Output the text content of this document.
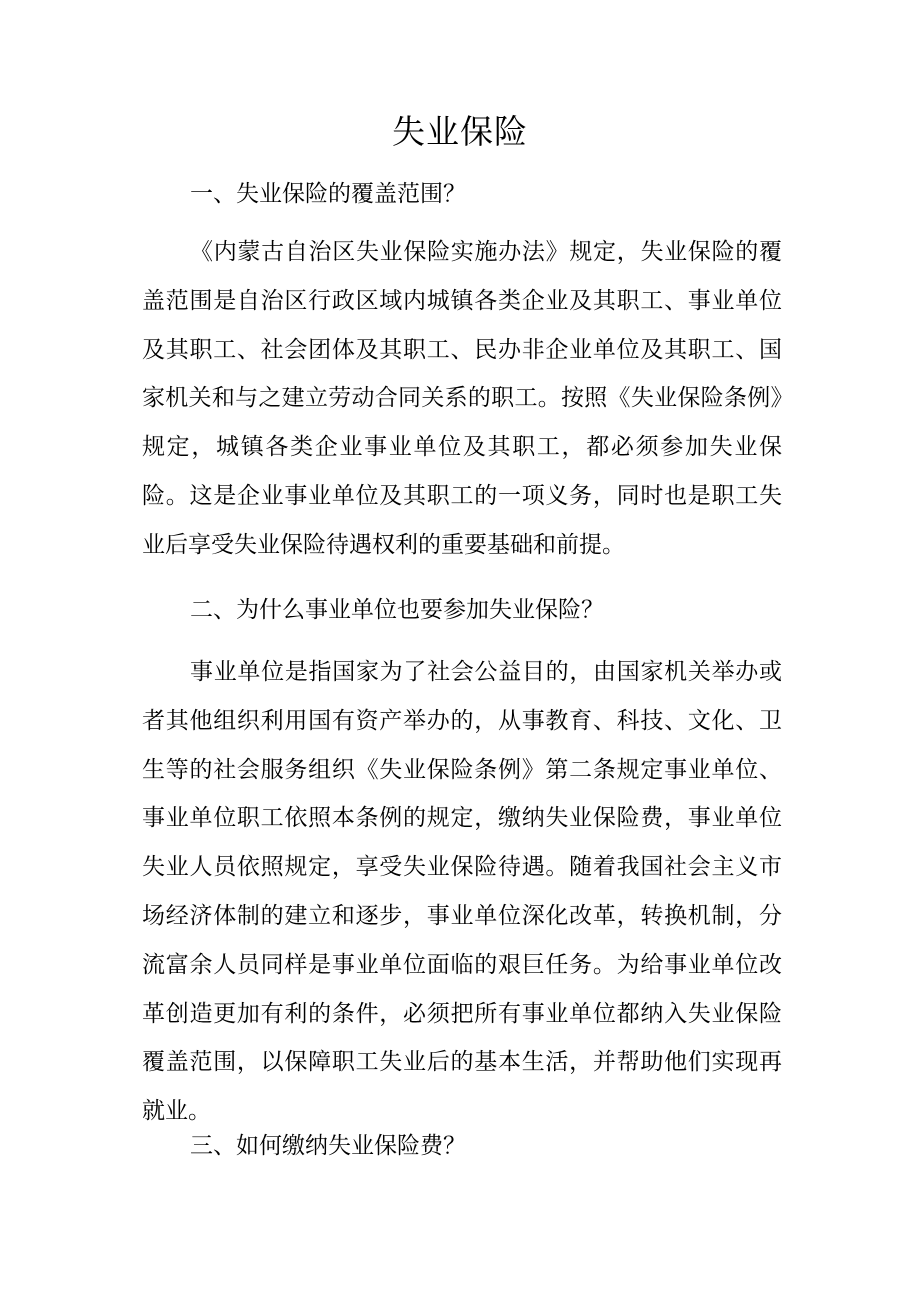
失业保险
一、失业保险的覆盖范围？

《内蒙古自治区失业保险实施办法》规定，失业保险的覆盖范围是自治区行政区域内城镇各类企业及其职工、事业单位及其职工、社会团体及其职工、民办非企业单位及其职工、国家机关和与之建立劳动合同关系的职工。按照《失业保险条例》规定，城镇各类企业事业单位及其职工，都必须参加失业保险。这是企业事业单位及其职工的一项义务，同时也是职工失业后享受失业保险待遇权利的重要基础和前提。

二、为什么事业单位也要参加失业保险？

事业单位是指国家为了社会公益目的，由国家机关举办或者其他组织利用国有资产举办的，从事教育、科技、文化、卫生等的社会服务组织《失业保险条例》第二条规定事业单位、事业单位职工依照本条例的规定，缴纳失业保险费，事业单位失业人员依照规定，享受失业保险待遇。随着我国社会主义市场经济体制的建立和逐步，事业单位深化改革，转换机制，分流富余人员同样是事业单位面临的艰巨任务。为给事业单位改革创造更加有利的条件，必须把所有事业单位都纳入失业保险覆盖范围，以保障职工失业后的基本生活，并帮助他们实现再就业。

三、如何缴纳失业保险费？
